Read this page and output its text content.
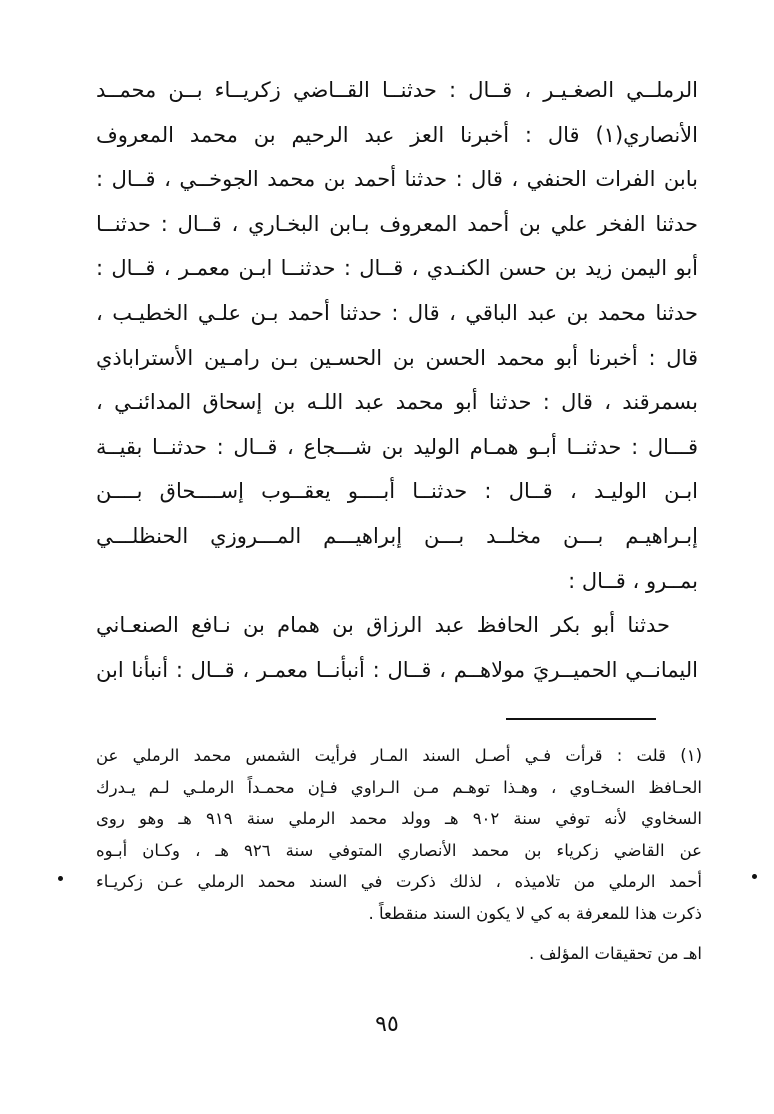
الرملــي الصغـيـر ، قــال : حدثنــا القــاضي زكريــاء بــن محمــد
الأنصاري(١) قال : أخبرنا العز عبد الرحيم بن محمد المعروف
بابن الفرات الحنفي ، قال : حدثنا أحمد بن محمد الجوخــي ، قــال :
حدثنا الفخر علي بن أحمد المعروف بـابن البخـاري ، قــال : حدثنــا
أبو اليمن زيد بن حسن الكنـدي ، قــال : حدثنــا ابـن معمـر ، قــال :
حدثنا محمد بن عبد الباقي ، قال : حدثنا أحمد بـن علـي الخطيـب ،
قال : أخبرنا أبو محمد الحسن بن الحسـين بـن رامـين الأستراباذي
بسمرقند ، قال : حدثنا أبو محمد عبد اللـه بن إسحاق المدائنـي ،
قـــال : حدثنــا أبـو همـام الوليد بن شـــجاع ، قــال : حدثنــا بقيــة
ابـن الوليـد ، قــال : حدثنــا أبــــو يعقــوب إســــحاق بــــن
إبـراهيـم بـــن مخلــد بـــن إبراهيـــم المـــروزي الحنظلـــي
بمــرو ، قــال :
حدثنا أبو بكر الحافظ عبد الرزاق بن همام بن نـافع الصنعـاني
اليمانــي الحميــريَ مولاهــم ، قــال : أنبأنــا معمـر ، قــال : أنبأنا ابن
(١) قلت : قرأت فـي أصـل السند المـار فرأيت الشمس محمد الرملي عن
الحـافظ السخـاوي ، وهـذا توهـم مـن الـراوي فـإن محمـداً الرملـي لـم يـدرك
السخاوي لأنه توفي سنة ٩٠٢ هـ وولد محمد الرملي سنة ٩١٩ هـ وهو روى
عن القاضي زكرياء بن محمد الأنصاري المتوفي سنة ٩٢٦ هـ ، وكـان أبـوه
أحمد الرملي من تلاميذه ، لذلك ذكرت في السند محمد الرملي عـن زكريـاء
ذكرت هذا للمعرفة به كي لا يكون السند منقطعاً .
اهـ من تحقيقات المؤلف .
٩٥
